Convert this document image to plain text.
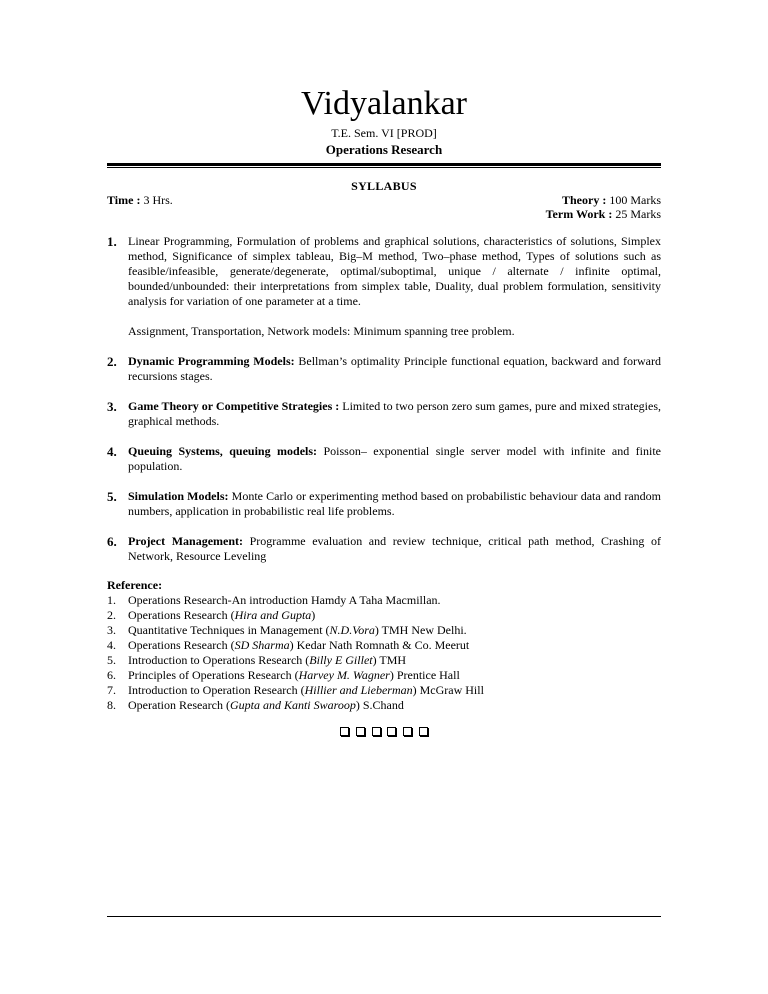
Vidyalankar
T.E. Sem. VI [PROD]
Operations Research
SYLLABUS
Time : 3 Hrs.	Theory : 100 Marks
Term Work : 25 Marks
1. Linear Programming, Formulation of problems and graphical solutions, characteristics of solutions, Simplex method, Significance of simplex tableau, Big–M method, Two–phase method, Types of solutions such as feasible/infeasible, generate/degenerate, optimal/suboptimal, unique / alternate / infinite optimal, bounded/unbounded: their interpretations from simplex table, Duality, dual problem formulation, sensitivity analysis for variation of one parameter at a time.
Assignment, Transportation, Network models: Minimum spanning tree problem.
2. Dynamic Programming Models: Bellman’s optimality Principle functional equation, backward and forward recursions stages.
3. Game Theory or Competitive Strategies : Limited to two person zero sum games, pure and mixed strategies, graphical methods.
4. Queuing Systems, queuing models: Poisson– exponential single server model with infinite and finite population.
5. Simulation Models: Monte Carlo or experimenting method based on probabilistic behaviour data and random numbers, application in probabilistic real life problems.
6. Project Management: Programme evaluation and review technique, critical path method, Crashing of Network, Resource Leveling
Reference:
1.	Operations Research-An introduction Hamdy A Taha Macmillan.
2.	Operations Research (Hira and Gupta)
3.	Quantitative Techniques in Management (N.D.Vora) TMH New Delhi.
4.	Operations Research (SD Sharma) Kedar Nath Romnath & Co. Meerut
5.	Introduction to Operations Research (Billy E Gillet) TMH
6.	Principles of Operations Research (Harvey M. Wagner) Prentice Hall
7.	Introduction to Operation Research (Hillier and Lieberman) McGraw Hill
8.	Operation Research (Gupta and Kanti Swaroop) S.Chand
